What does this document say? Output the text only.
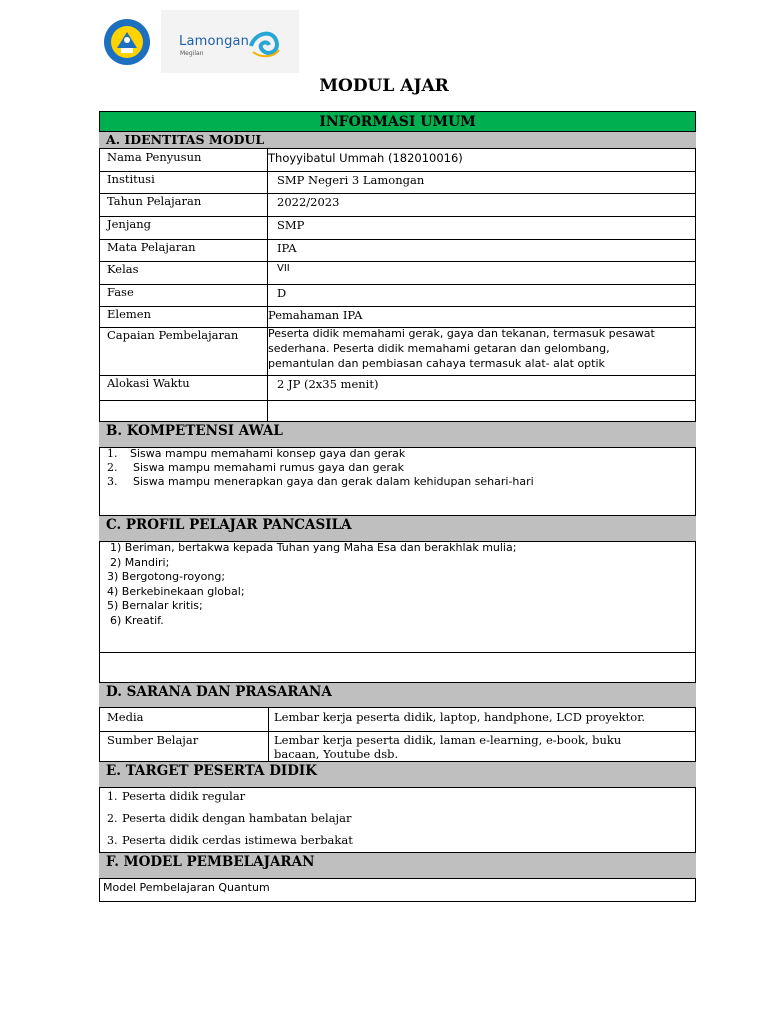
Lamongan
Megilan
MODUL AJAR
INFORMASI UMUM
A. IDENTITAS MODUL
Nama Penyusun	Thoyyibatul Ummah (182010016)
Institusi	SMP Negeri 3 Lamongan
Tahun Pelajaran	2022/2023
Jenjang	SMP
Mata Pelajaran	IPA
Kelas	VII
Fase	D
Elemen	Pemahaman IPA
Capaian Pembelajaran	Peserta didik memahami gerak, gaya dan tekanan, termasuk pesawat
sederhana. Peserta didik memahami getaran dan gelombang,
pemantulan dan pembiasan cahaya termasuk alat- alat optik
Alokasi Waktu	2 JP (2x35 menit)
B. KOMPETENSI AWAL
1. Siswa mampu memahami konsep gaya dan gerak
2. Siswa mampu memahami rumus gaya dan gerak
3. Siswa mampu menerapkan gaya dan gerak dalam kehidupan sehari-hari
C. PROFIL PELAJAR PANCASILA
1) Beriman, bertakwa kepada Tuhan yang Maha Esa dan berakhlak mulia;
2) Mandiri;
3) Bergotong-royong;
4) Berkebinekaan global;
5) Bernalar kritis;
6) Kreatif.
D. SARANA DAN PRASARANA
Media	Lembar kerja peserta didik, laptop, handphone, LCD proyektor.
Sumber Belajar	Lembar kerja peserta didik, laman e-learning, e-book, buku
bacaan, Youtube dsb.
E. TARGET PESERTA DIDIK
1. Peserta didik regular
2. Peserta didik dengan hambatan belajar
3. Peserta didik cerdas istimewa berbakat
F. MODEL PEMBELAJARAN
Model Pembelajaran Quantum
